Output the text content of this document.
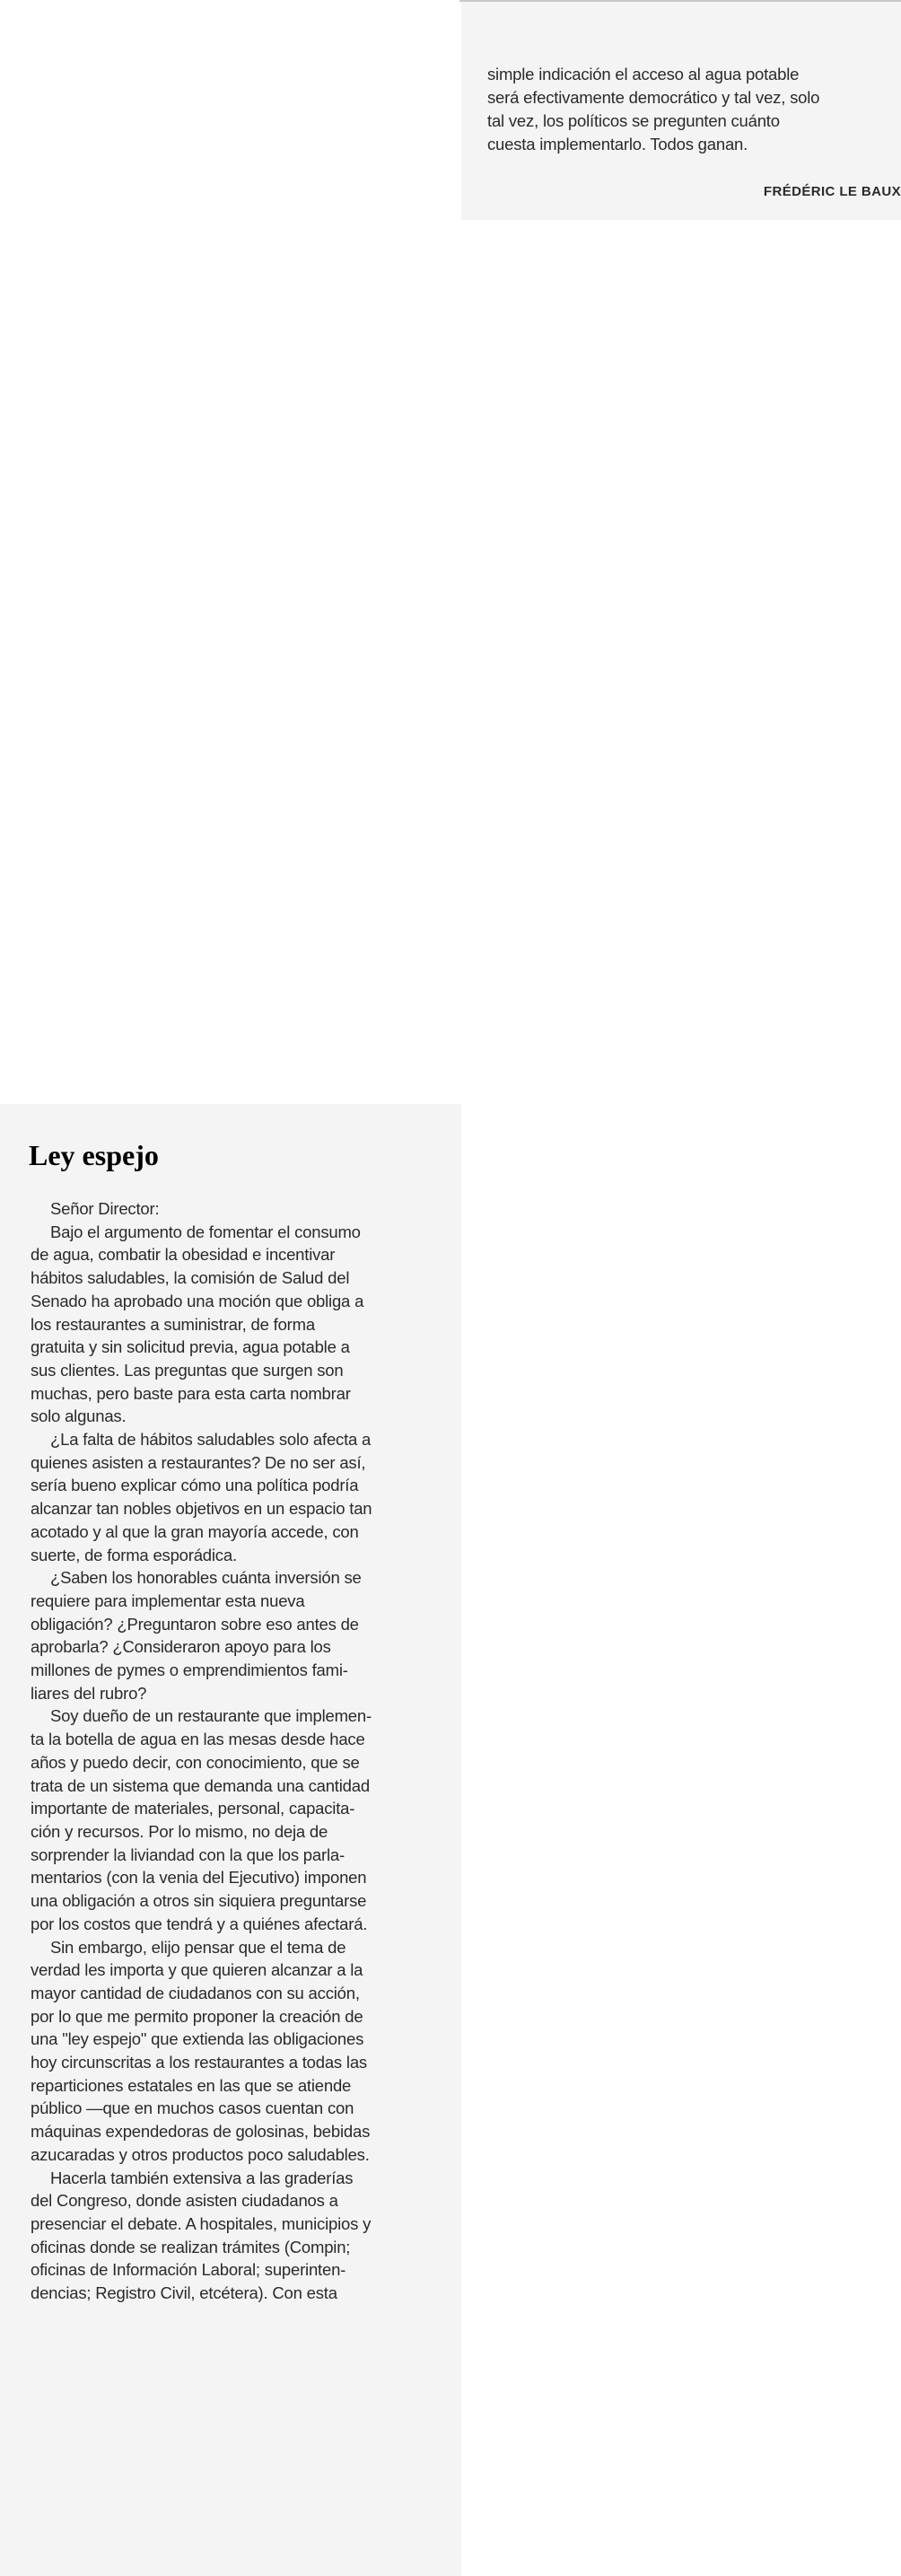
simple indicación el acceso al agua potable
será efectivamente democrático y tal vez, solo
tal vez, los políticos se pregunten cuánto
cuesta implementarlo. Todos ganan.
FRÉDÉRIC LE BAUX
Ley espejo
Señor Director:
Bajo el argumento de fomentar el consumo
de agua, combatir la obesidad e incentivar
hábitos saludables, la comisión de Salud del
Senado ha aprobado una moción que obliga a
los restaurantes a suministrar, de forma
gratuita y sin solicitud previa, agua potable a
sus clientes. Las preguntas que surgen son
muchas, pero baste para esta carta nombrar
solo algunas.
¿La falta de hábitos saludables solo afecta a
quienes asisten a restaurantes? De no ser así,
sería bueno explicar cómo una política podría
alcanzar tan nobles objetivos en un espacio tan
acotado y al que la gran mayoría accede, con
suerte, de forma esporádica.
¿Saben los honorables cuánta inversión se
requiere para implementar esta nueva
obligación? ¿Preguntaron sobre eso antes de
aprobarla? ¿Consideraron apoyo para los
millones de pymes o emprendimientos fami-
liares del rubro?
Soy dueño de un restaurante que implemen-
ta la botella de agua en las mesas desde hace
años y puedo decir, con conocimiento, que se
trata de un sistema que demanda una cantidad
importante de materiales, personal, capacita-
ción y recursos. Por lo mismo, no deja de
sorprender la liviandad con la que los parla-
mentarios (con la venia del Ejecutivo) imponen
una obligación a otros sin siquiera preguntarse
por los costos que tendrá y a quiénes afectará.
Sin embargo, elijo pensar que el tema de
verdad les importa y que quieren alcanzar a la
mayor cantidad de ciudadanos con su acción,
por lo que me permito proponer la creación de
una "ley espejo" que extienda las obligaciones
hoy circunscritas a los restaurantes a todas las
reparticiones estatales en las que se atiende
público —que en muchos casos cuentan con
máquinas expendedoras de golosinas, bebidas
azucaradas y otros productos poco saludables.
Hacerla también extensiva a las graderías
del Congreso, donde asisten ciudadanos a
presenciar el debate. A hospitales, municipios y
oficinas donde se realizan trámites (Compin;
oficinas de Información Laboral; superinten-
dencias; Registro Civil, etcétera). Con esta
